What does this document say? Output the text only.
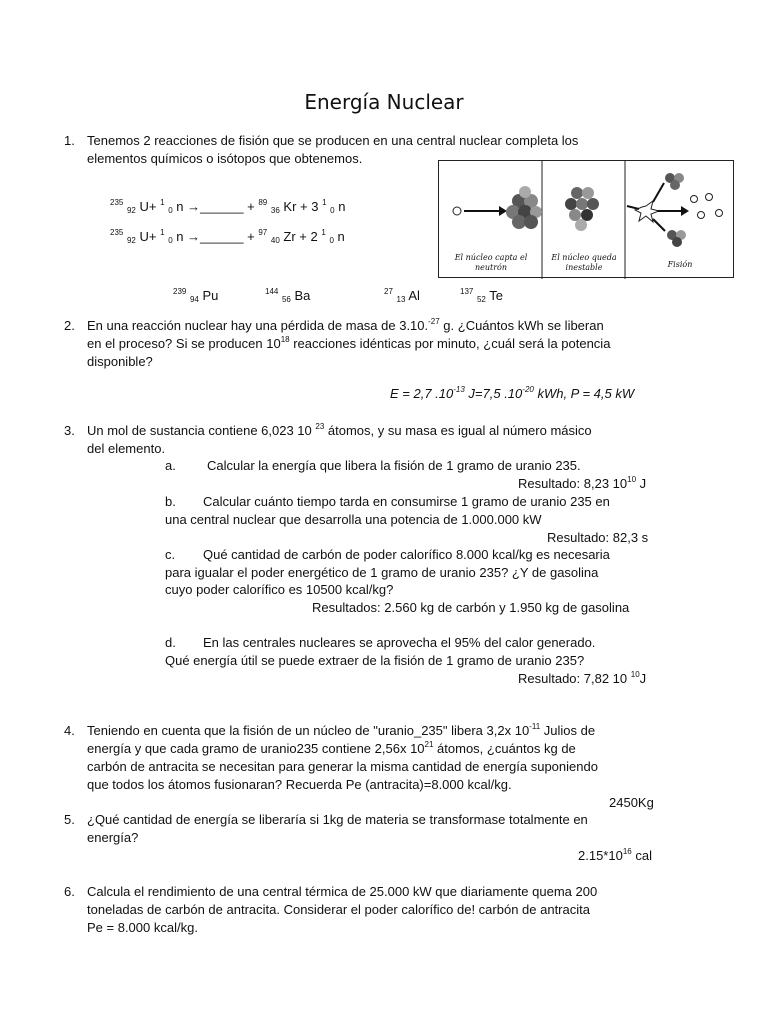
Energía Nuclear
1. Tenemos 2 reacciones de fisión que se producen en una central nuclear completa los
elementos químicos o isótopos que obtenemos.
$^{235}$ $_{92}$ U+ $^1$ $_0$ n →______ + $^{89}$ $_{36}$ Kr + 3 $^1$ $_0$ n
$^{235}$ $_{92}$ U+ $^1$ $_0$ n →______ + $^{97}$ $_{40}$ Zr + 2 $^1$ $_0$ n
$^{239}$ $_{94}$ Pu	$^{144}$ $_{56}$ Ba	$^{27}$ $_{13}$ Al	$^{137}$ $_{52}$ Te
El núcleo capta el
neutrón
El núcleo queda
inestable	Fisión
2. En una reacción nuclear hay una pérdida de masa de 3.10.$^{-27}$ g. ¿Cuántos kWh se liberan
en el proceso? Si se producen $10^{18}$ reacciones idénticas por minuto, ¿cuál será la potencia
disponible?
E = 2,7 $.10^{-13}$ J=7,5 $.10^{-20}$ kWh, P = 4,5 kW
3. Un mol de sustancia contiene 6,023 10 $^{23}$ átomos, y su masa es igual al número másico
del elemento.
a. Calcular la energía que libera la fisión de 1 gramo de uranio 235.
Resultado: 8,23 $10^{10}$ J
b. Calcular cuánto tiempo tarda en consumirse 1 gramo de uranio 235 en
una central nuclear que desarrolla una potencia de 1.000.000 kW
Resultado: 82,3 s
c. Qué cantidad de carbón de poder calorífico 8.000 kcal/kg es necesaria
para igualar el poder energético de 1 gramo de uranio 235? ¿Y de gasolina
cuyo poder calorífico es 10500 kcal/kg?
Resultados: 2.560 kg de carbón y 1.950 kg de gasolina
d. En las centrales nucleares se aprovecha el 95% del calor generado.
Qué energía útil se puede extraer de la fisión de 1 gramo de uranio 235?
Resultado: 7,82 10 $^{10}$J
4. Teniendo en cuenta que la fisión de un núcleo de "uranio_235" libera 3,2x $10^{-11}$ Julios de
energía y que cada gramo de uranio235 contiene 2,56x $10^{21}$ átomos, ¿cuántos kg de
carbón de antracita se necesitan para generar la misma cantidad de energía suponiendo
que todos los átomos fusionaran? Recuerda Pe (antracita)=8.000 kcal/kg.
2450Kg
5. ¿Qué cantidad de energía se liberaría si 1kg de materia se transformase totalmente en
energía?
$2.15*10^{16}$ cal
6. Calcula el rendimiento de una central térmica de 25.000 kW que diariamente quema 200
toneladas de carbón de antracita. Considerar el poder calorífico de! carbón de antracita
Pe = 8.000 kcal/kg.
